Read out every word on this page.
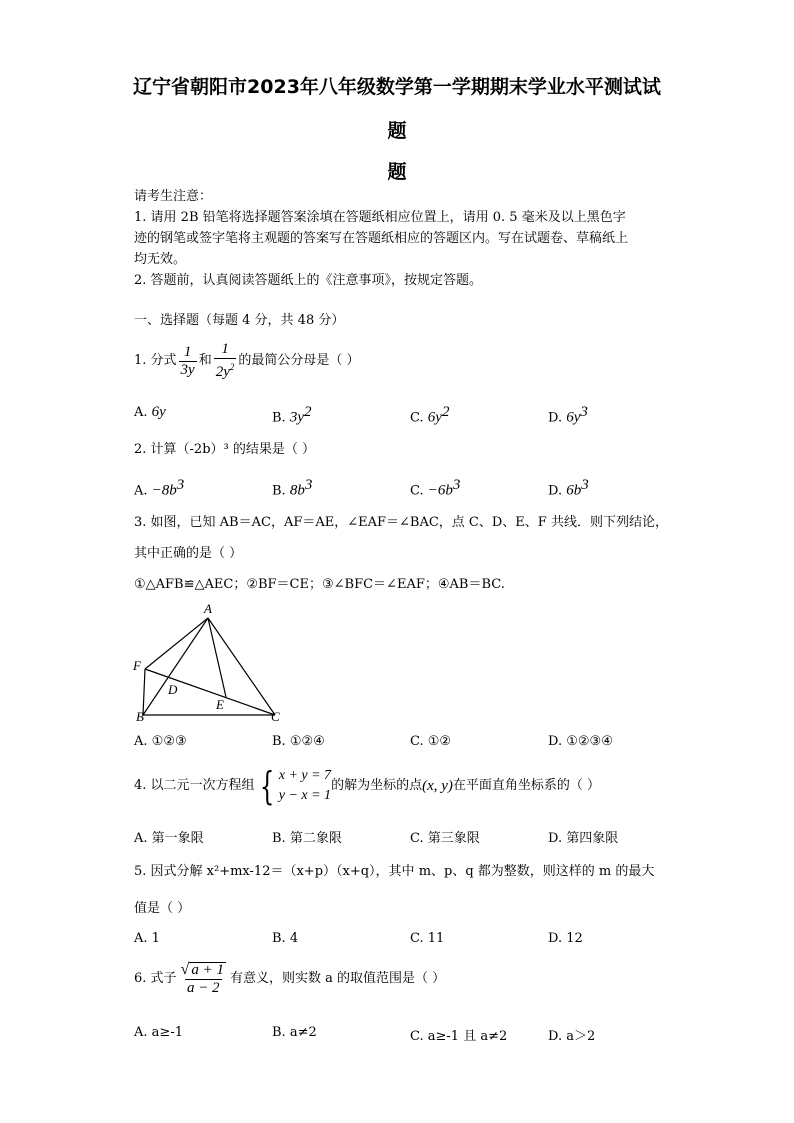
辽宁省朝阳市2023年八年级数学第一学期期末学业水平测试试
题
题
请考生注意：
1. 请用 2B 铅笔将选择题答案涂填在答题纸相应位置上，请用 0. 5 毫米及以上黑色字
迹的钢笔或签字笔将主观题的答案写在答题纸相应的答题区内。写在试题卷、草稿纸上
均无效。
2. 答题前，认真阅读答题纸上的《注意事项》，按规定答题。
一、选择题（每题 4 分，共 48 分）
1. 分式 $\frac{1}{3y}$ 和 $\frac{1}{2y^2}$ 的最简公分母是（ ）
A. 6y	B. $3y^2$	C. $6y^2$	D. $6y^3$
2. 计算（-2b）³ 的结果是（ ）
A. $-8b^3$	B. $8b^3$	C. $-6b^3$	D. $6b^3$
3. 如图，已知 AB＝AC，AF＝AE，∠EAF＝∠BAC，点 C、D、E、F 共线．则下列结论，
其中正确的是（ ）
①△AFB≌△AEC；②BF＝CE；③∠BFC＝∠EAF；④AB＝BC.
A
F
D
E
B	C
A. ①②③	B. ①②④	C. ①②	D. ①②③④
4. 以二元一次方程组 { x + y = 7
y − x = 1
的解为坐标的点 (x, y) 在平面直角坐标系的（ ）
A. 第一象限	B. 第二象限	C. 第三象限	D. 第四象限
5. 因式分解 x²+mx-12＝（x+p）（x+q），其中 m、p、q 都为整数，则这样的 m 的最大
值是（ ）
A. 1	B. 4	C. 11	D. 12
6. 式子 $\frac{√ a + 1}{a - 2}$ 有意义，则实数 a 的取值范围是（ ）
A. a≥-1	B. a≠2	C. a≥-1 且 a≠2	D. a＞2
